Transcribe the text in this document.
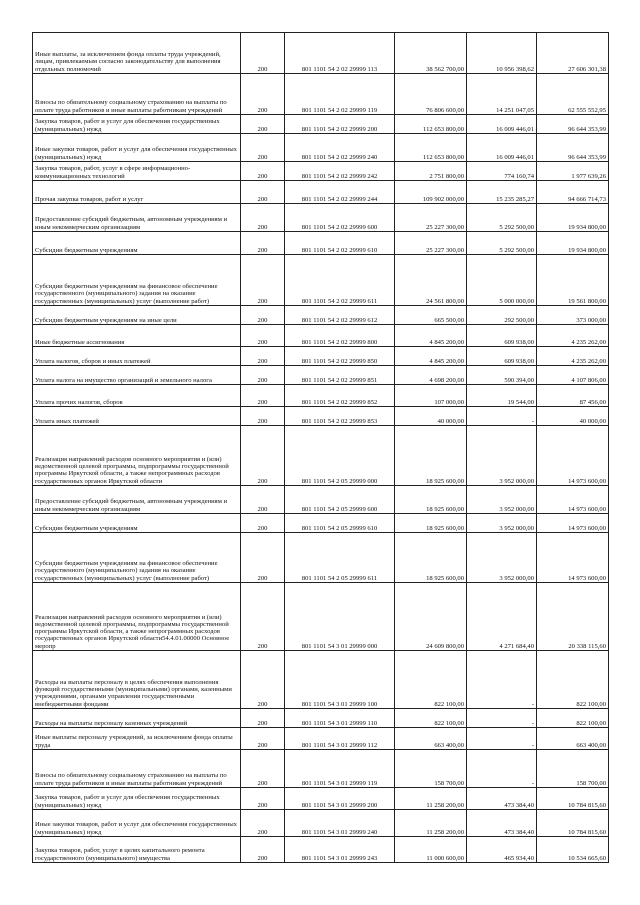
Иные выплаты, за исключением фонда оплаты труда учреждений, лицам, привлекаемым согласно законодательству для выполнения отдельных полномочий	200	801 1101 54 2 02 29999 113	38 562 700,00	10 956 398,62	27 606 301,38
Взносы по обязательному социальному страхованию на выплаты по оплате труда работников и иные выплаты работникам учреждений	200	801 1101 54 2 02 29999 119	76 806 600,00	14 251 047,05	62 555 552,95
Закупка товаров, работ и услуг для обеспечения государственных (муниципальных) нужд	200	801 1101 54 2 02 29999 200	112 653 800,00	16 009 446,01	96 644 353,99
Иные закупки товаров, работ и услуг для обеспечения государственных (муниципальных) нужд	200	801 1101 54 2 02 29999 240	112 653 800,00	16 009 446,01	96 644 353,99
Закупка товаров, работ, услуг в сфере информационно-коммуникационных технологий	200	801 1101 54 2 02 29999 242	2 751 800,00	774 160,74	1 977 639,26
Прочая закупка товаров, работ и услуг	200	801 1101 54 2 02 29999 244	109 902 000,00	15 235 285,27	94 666 714,73
Предоставление субсидий бюджетным, автономным учреждениям и иным некоммерческим организациям	200	801 1101 54 2 02 29999 600	25 227 300,00	5 292 500,00	19 934 800,00
Субсидии бюджетным учреждениям	200	801 1101 54 2 02 29999 610	25 227 300,00	5 292 500,00	19 934 800,00
Субсидии бюджетным учреждениям на финансовое обеспечение государственного (муниципального) задания на оказание государственных (муниципальных) услуг (выполнение работ)	200	801 1101 54 2 02 29999 611	24 561 800,00	5 000 000,00	19 561 800,00
Субсидии бюджетным учреждениям на иные цели	200	801 1101 54 2 02 29999 612	665 500,00	292 500,00	373 000,00
Иные бюджетные ассигнования	200	801 1101 54 2 02 29999 800	4 845 200,00	609 938,00	4 235 262,00
Уплата налогов, сборов и иных платежей	200	801 1101 54 2 02 29999 850	4 845 200,00	609 938,00	4 235 262,00
Уплата налога на имущество организаций и земельного налога	200	801 1101 54 2 02 29999 851	4 698 200,00	590 394,00	4 107 806,00
Уплата прочих налогов, сборов	200	801 1101 54 2 02 29999 852	107 000,00	19 544,00	87 456,00
Уплата иных платежей	200	801 1101 54 2 02 29999 853	40 000,00	-	40 000,00
Реализация направлений расходов основного мероприятия и (или) ведомственной целевой программы, подпрограммы государственной программы Иркутской области, а также непрограммных расходов государственных органов Иркутской области	200	801 1101 54 2 05 29999 000	18 925 600,00	3 952 000,00	14 973 600,00
Предоставление субсидий бюджетным, автономным учреждениям и иным некоммерческим организациям	200	801 1101 54 2 05 29999 600	18 925 600,00	3 952 000,00	14 973 600,00
Субсидии бюджетным учреждениям	200	801 1101 54 2 05 29999 610	18 925 600,00	3 952 000,00	14 973 600,00
Субсидии бюджетным учреждениям на финансовое обеспечение государственного (муниципального) задания на оказание государственных (муниципальных) услуг (выполнение работ)	200	801 1101 54 2 05 29999 611	18 925 600,00	3 952 000,00	14 973 600,00
Реализация направлений расходов основного мероприятия и (или) ведомственной целевой программы, подпрограммы государственной программы Иркутской области, а также непрограммных расходов государственных органов Иркутской области54.4.01.00000 Основное меропр	200	801 1101 54 3 01 29999 000	24 609 800,00	4 271 684,40	20 338 115,60
Расходы на выплаты персоналу в целях обеспечения выполнения функций государственными (муниципальными) органами, казенными учреждениями, органами управления государственными внебюджетными фондами	200	801 1101 54 3 01 29999 100	822 100,00	-	822 100,00
Расходы на выплаты персоналу казенных учреждений	200	801 1101 54 3 01 29999 110	822 100,00	-	822 100,00
Иные выплаты персоналу учреждений, за исключением фонда оплаты труда	200	801 1101 54 3 01 29999 112	663 400,00	-	663 400,00
Взносы по обязательному социальному страхованию на выплаты по оплате труда работников и иные выплаты работникам учреждений	200	801 1101 54 3 01 29999 119	158 700,00	-	158 700,00
Закупка товаров, работ и услуг для обеспечения государственных (муниципальных) нужд	200	801 1101 54 3 01 29999 200	11 258 200,00	473 384,40	10 784 815,60
Иные закупки товаров, работ и услуг для обеспечения государственных (муниципальных) нужд	200	801 1101 54 3 01 29999 240	11 258 200,00	473 384,40	10 784 815,60
Закупка товаров, работ, услуг в целях капитального ремонта государственного (муниципального) имущества	200	801 1101 54 3 01 29999 243	11 000 600,00	465 934,40	10 534 665,60
